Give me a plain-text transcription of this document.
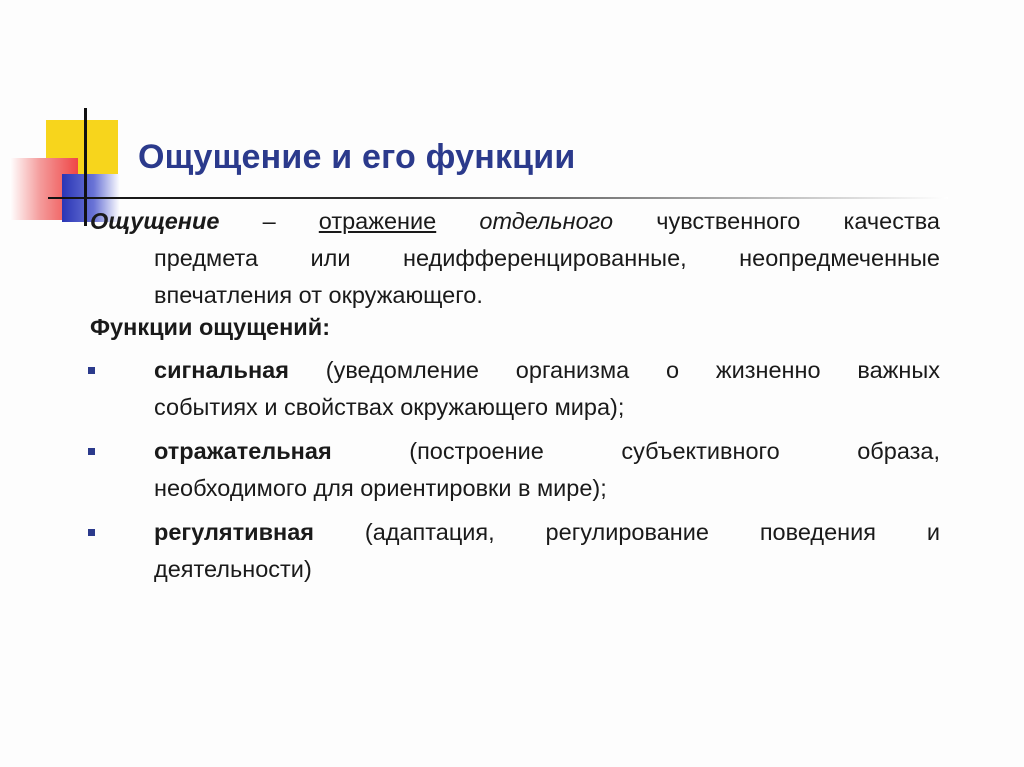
Ощущение и его функции
Ощущение – отражение отдельного чувственного качества
предмета или недифференцированные, неопредмеченные
впечатления от окружающего.
Функции ощущений:
сигнальная (уведомление организма о жизненно важных
событиях и свойствах окружающего мира);
отражательная	(построение субъективного образа,
необходимого для ориентировки в мире);
регулятивная (адаптация, регулирование поведения и
деятельности)
